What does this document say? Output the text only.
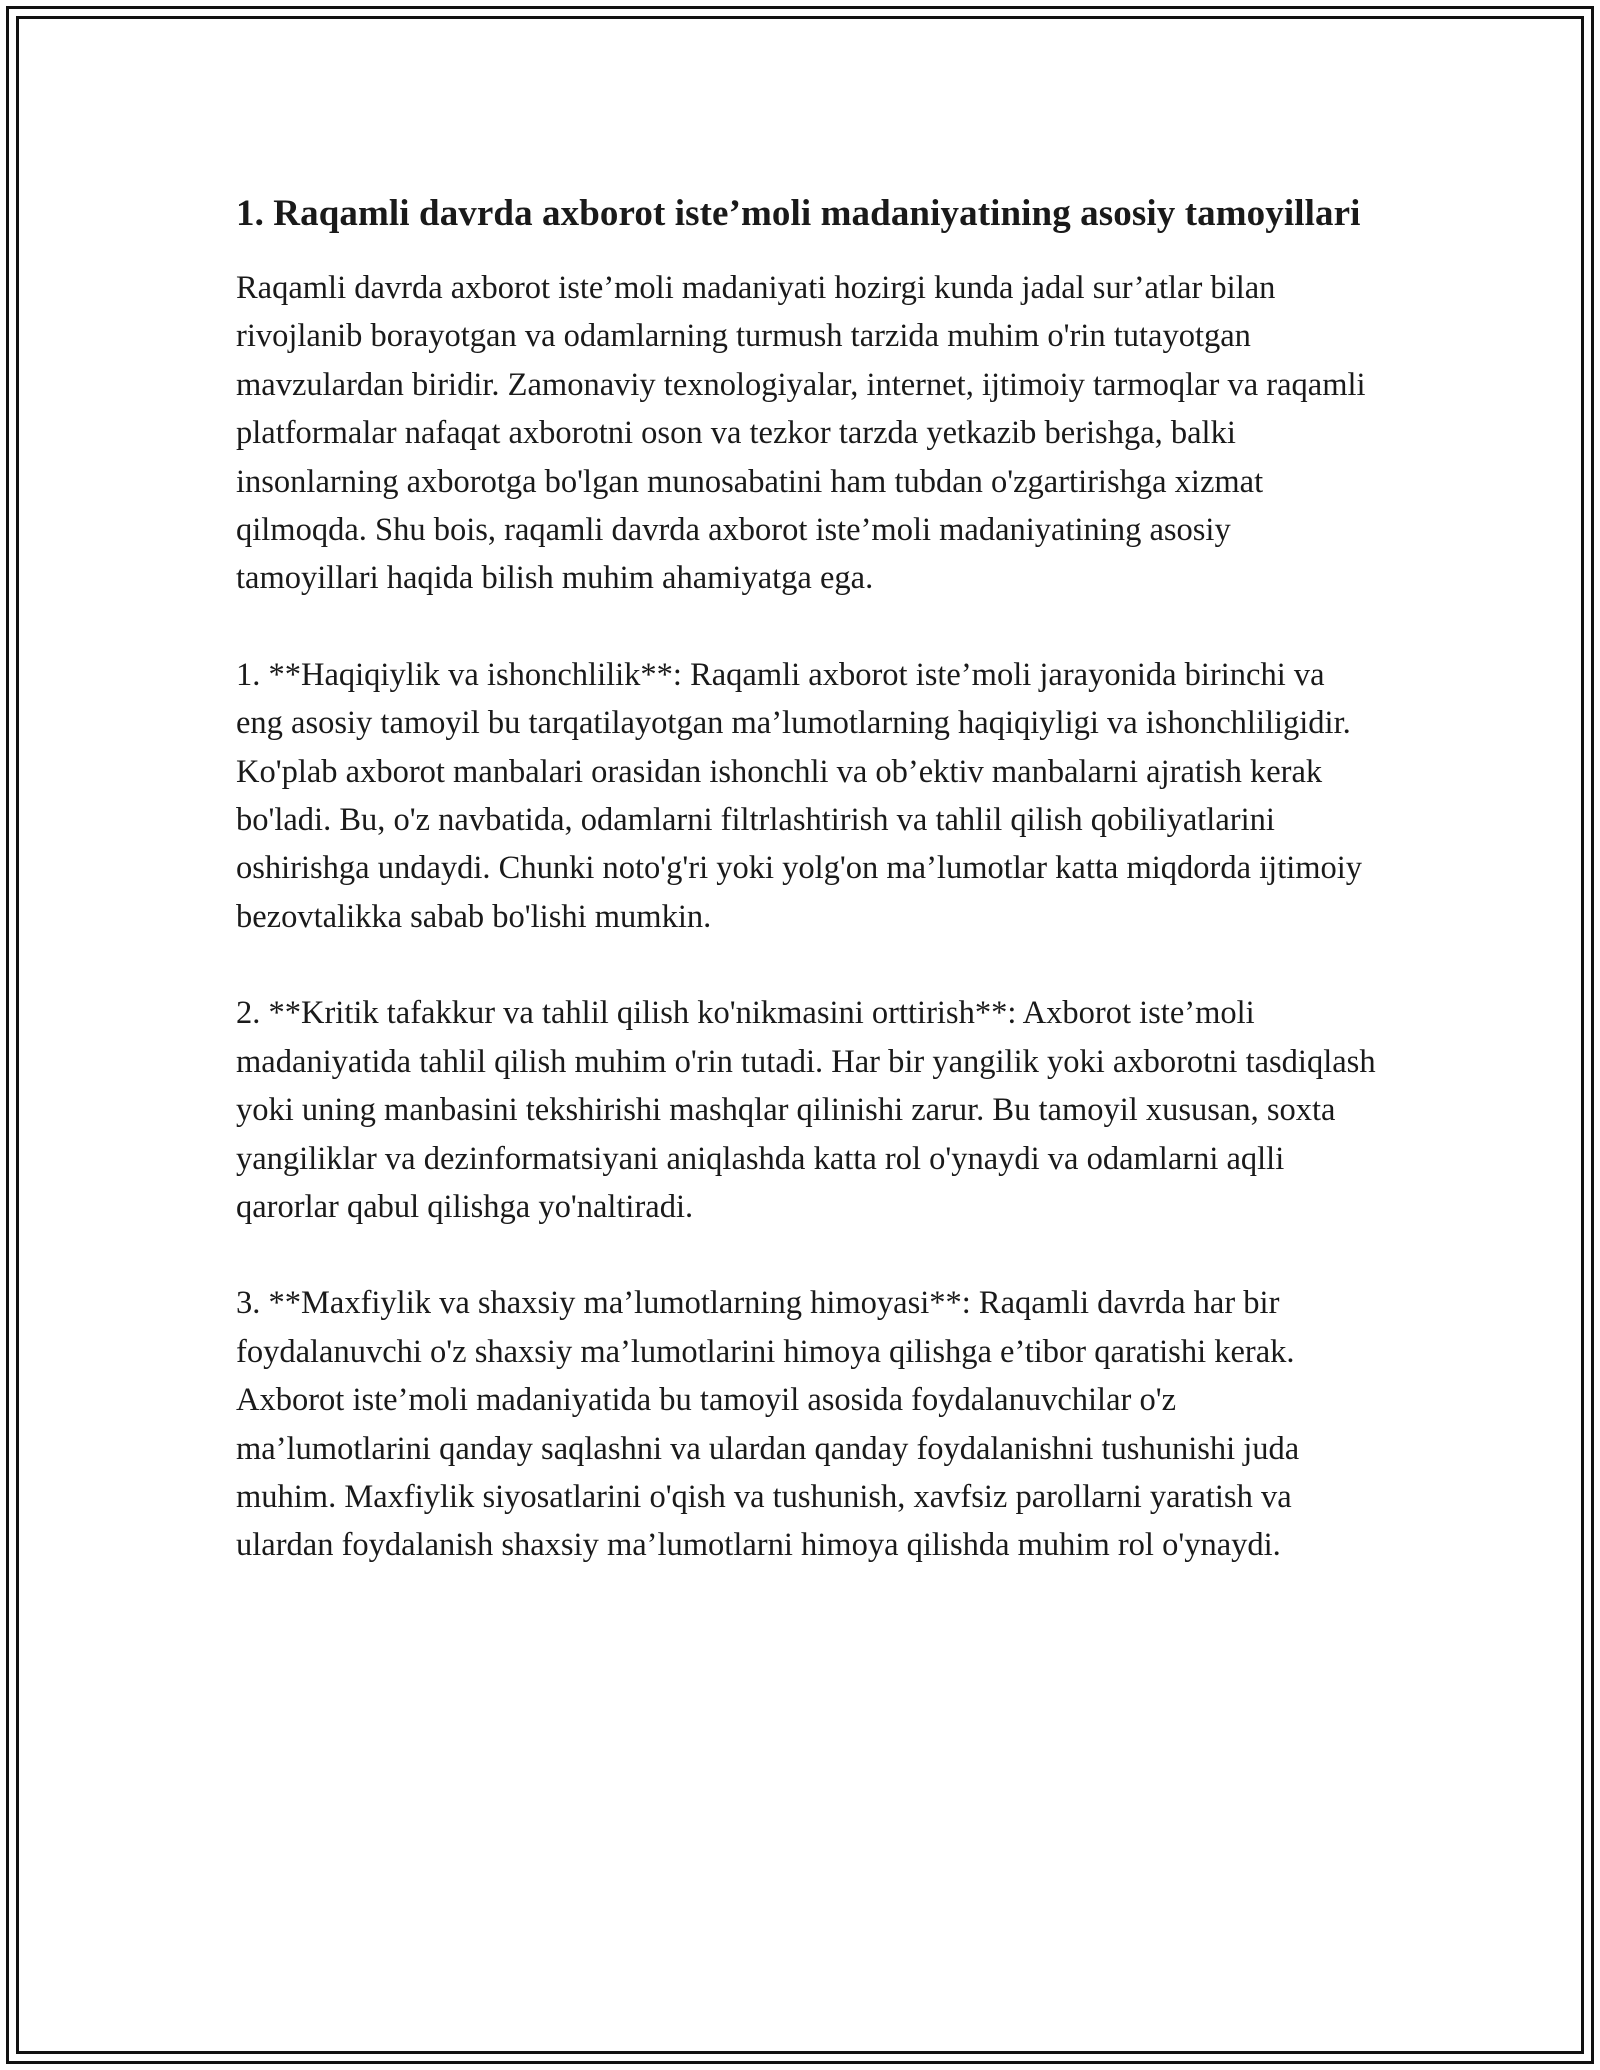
1. Raqamli davrda axborot iste’moli madaniyatining asosiy tamoyillari

Raqamli davrda axborot iste’moli madaniyati hozirgi kunda jadal sur’atlar bilan rivojlanib borayotgan va odamlarning turmush tarzida muhim o'rin tutayotgan mavzulardan biridir. Zamonaviy texnologiyalar, internet, ijtimoiy tarmoqlar va raqamli platformalar nafaqat axborotni oson va tezkor tarzda yetkazib berishga, balki insonlarning axborotga bo'lgan munosabatini ham tubdan o'zgartirishga xizmat qilmoqda. Shu bois, raqamli davrda axborot iste’moli madaniyatining asosiy tamoyillari haqida bilish muhim ahamiyatga ega.

1. **Haqiqiylik va ishonchlilik**: Raqamli axborot iste’moli jarayonida birinchi va eng asosiy tamoyil bu tarqatilayotgan ma’lumotlarning haqiqiyligi va ishonchliligidir. Ko'plab axborot manbalari orasidan ishonchli va ob’ektiv manbalarni ajratish kerak bo'ladi. Bu, o'z navbatida, odamlarni filtrlashtirish va tahlil qilish qobiliyatlarini oshirishga undaydi. Chunki noto'g'ri yoki yolg'on ma’lumotlar katta miqdorda ijtimoiy bezovtalikka sabab bo'lishi mumkin.

2. **Kritik tafakkur va tahlil qilish ko'nikmasini orttirish**: Axborot iste’moli madaniyatida tahlil qilish muhim o'rin tutadi. Har bir yangilik yoki axborotni tasdiqlash yoki uning manbasini tekshirishi mashqlar qilinishi zarur. Bu tamoyil xususan, soxta yangiliklar va dezinformatsiyani aniqlashda katta rol o'ynaydi va odamlarni aqlli qarorlar qabul qilishga yo'naltiradi.

3. **Maxfiylik va shaxsiy ma’lumotlarning himoyasi**: Raqamli davrda har bir foydalanuvchi o'z shaxsiy ma’lumotlarini himoya qilishga e’tibor qaratishi kerak. Axborot iste’moli madaniyatida bu tamoyil asosida foydalanuvchilar o'z ma’lumotlarini qanday saqlashni va ulardan qanday foydalanishni tushunishi juda muhim. Maxfiylik siyosatlarini o'qish va tushunish, xavfsiz parollarni yaratish va ulardan foydalanish shaxsiy ma’lumotlarni himoya qilishda muhim rol o'ynaydi.
